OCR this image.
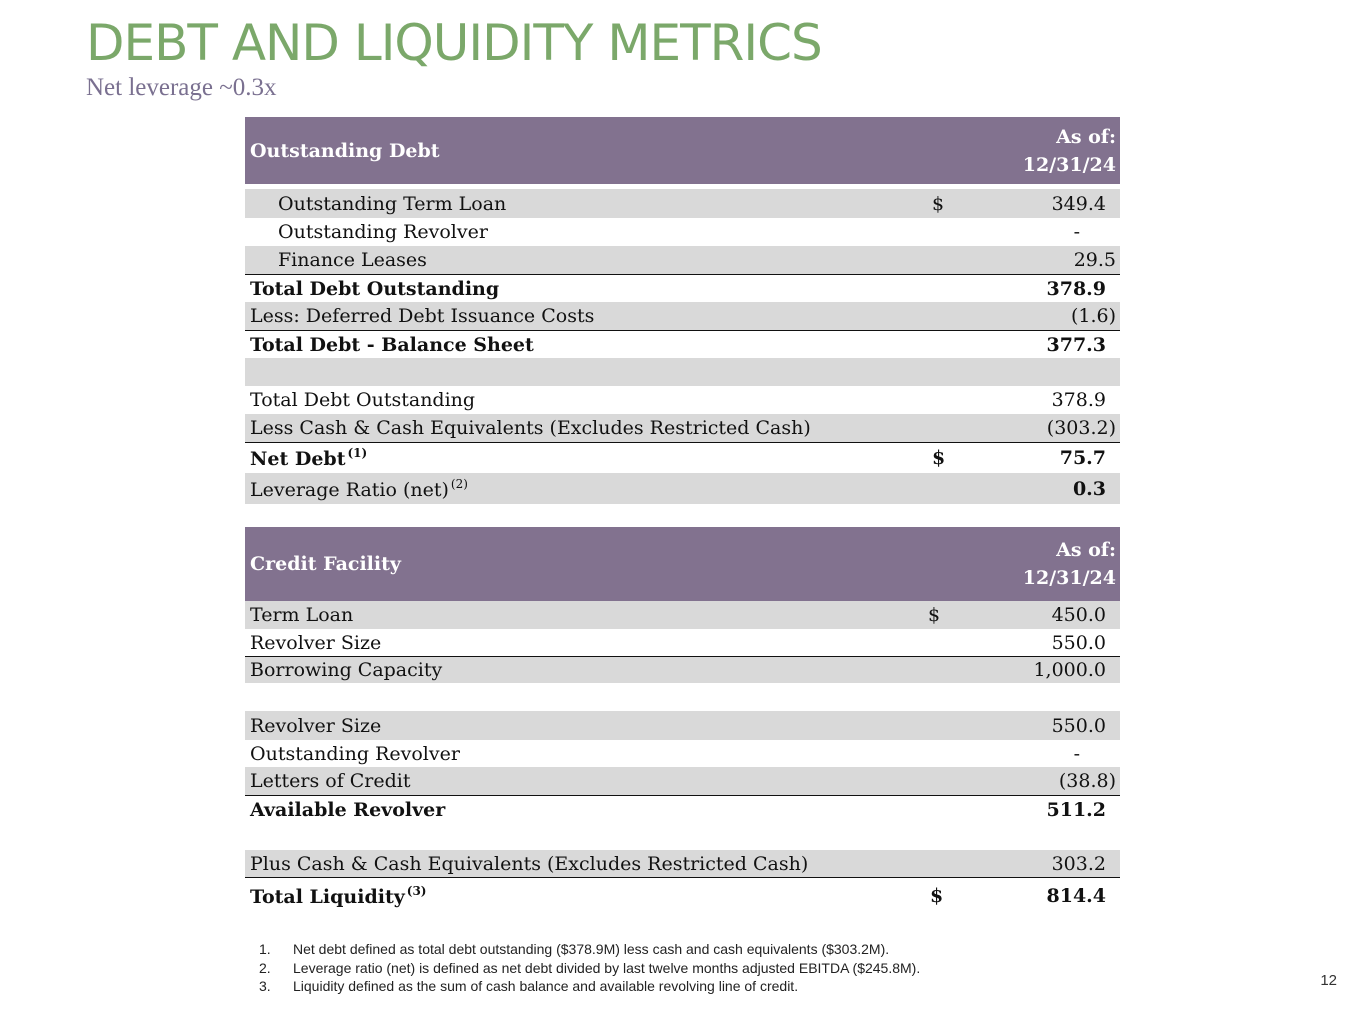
DEBT AND LIQUIDITY METRICS
Net leverage ~0.3x
Outstanding Debt
As of:
12/31/24
Outstanding Term Loan	$	349.4
Outstanding Revolver	-
Finance Leases	29.5
Total Debt Outstanding	378.9
Less: Deferred Debt Issuance Costs	(1.6)
Total Debt - Balance Sheet	377.3
Total Debt Outstanding	378.9
Less Cash & Cash Equivalents (Excludes Restricted Cash)	(303.2)
Net Debt $^{(1)}$	$	75.7
Leverage Ratio (net) $^{(2)}$	0.3
Credit Facility
As of:
12/31/24
Term Loan	$	450.0
Revolver Size	550.0
Borrowing Capacity	1,000.0
Revolver Size	550.0
Outstanding Revolver	-
Letters of Credit	(38.8)
Available Revolver	511.2
Plus Cash & Cash Equivalents (Excludes Restricted Cash)	303.2
Total Liquidity $^{(3)}$	$	814.4
1.	Net debt defined as total debt outstanding ($378.9M) less cash and cash equivalents ($303.2M).
2.	Leverage ratio (net) is defined as net debt divided by last twelve months adjusted EBITDA ($245.8M).
3.	Liquidity defined as the sum of cash balance and available revolving line of credit.	12
